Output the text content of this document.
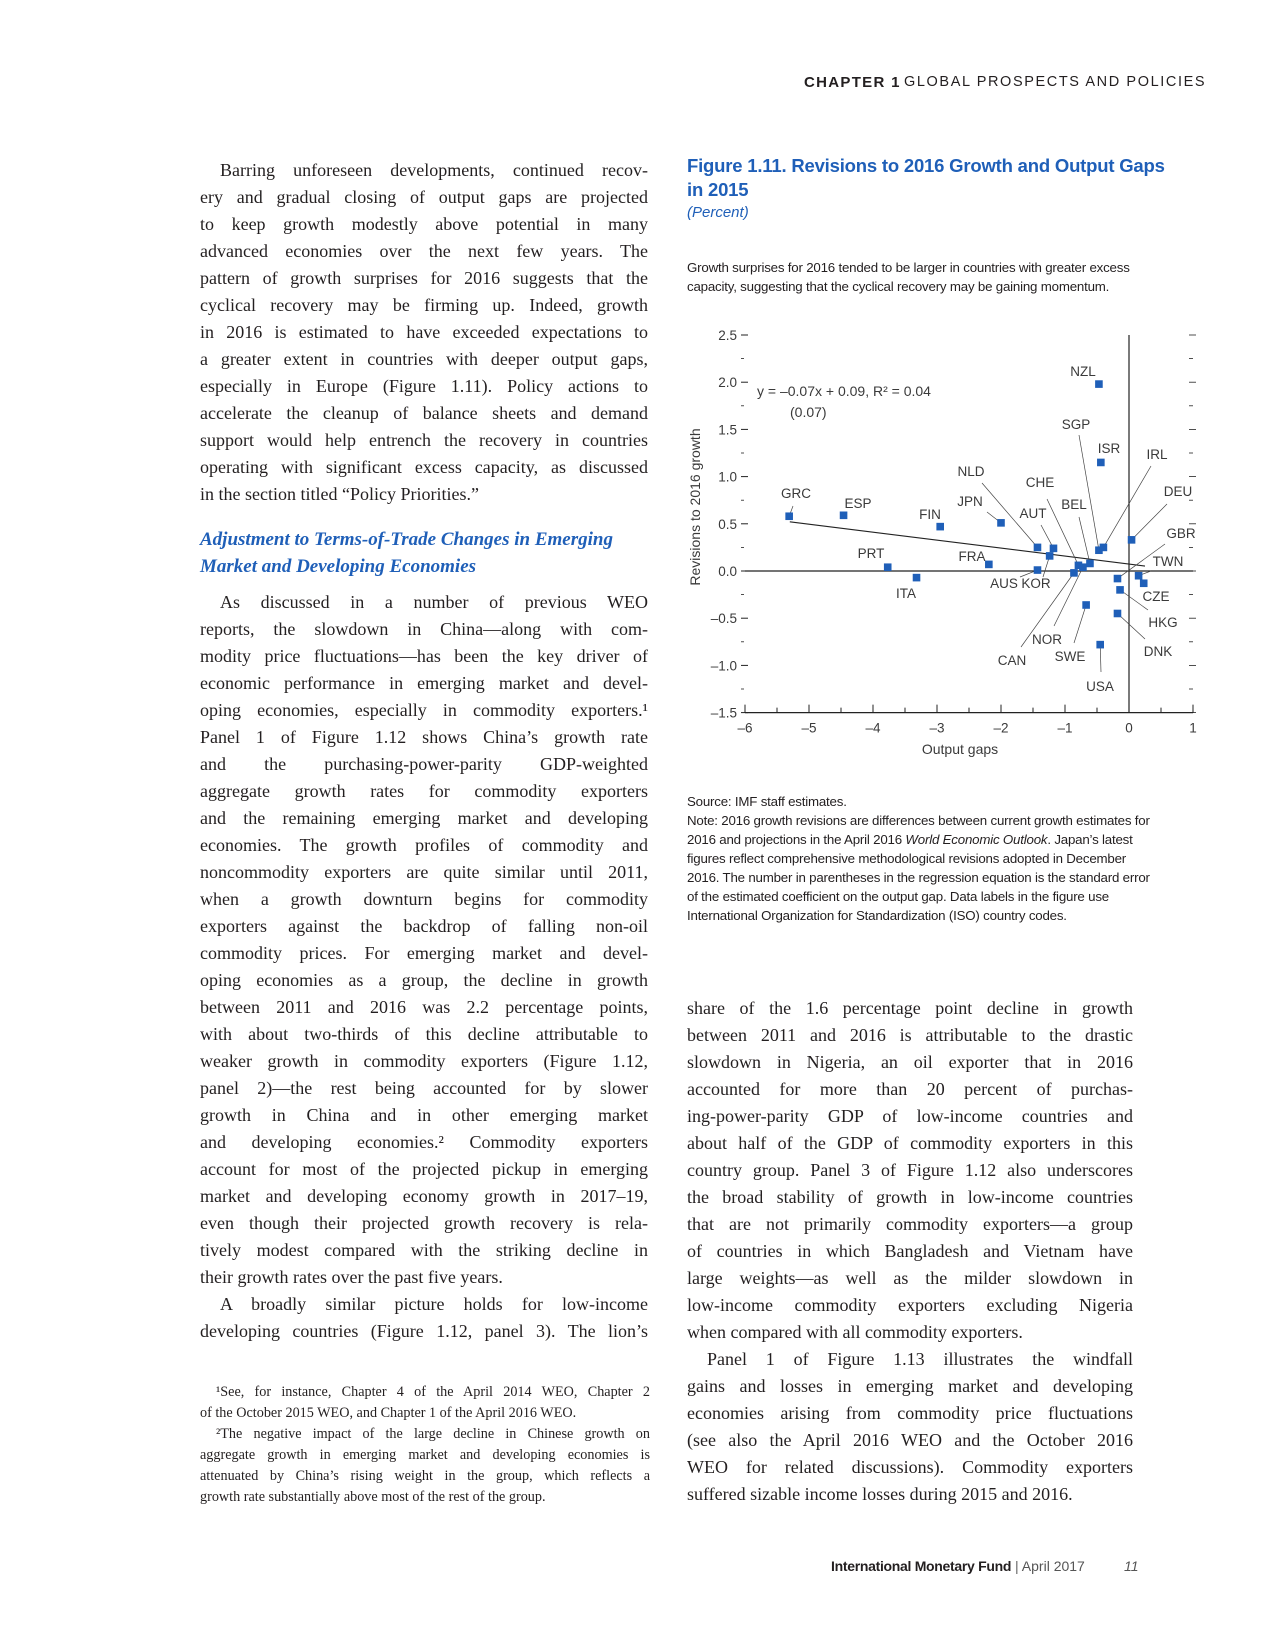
CHAPTER 1 GLOBAL PROSPECTS AND POLICIES
Barring unforeseen developments, continued recov-
ery and gradual closing of output gaps are projected
to keep growth modestly above potential in many
advanced economies over the next few years. The
pattern of growth surprises for 2016 suggests that the
cyclical recovery may be firming up. Indeed, growth
in 2016 is estimated to have exceeded expectations to
a greater extent in countries with deeper output gaps,
especially in Europe (Figure 1.11). Policy actions to
accelerate the cleanup of balance sheets and demand
support would help entrench the recovery in countries
operating with significant excess capacity, as discussed
in the section titled “Policy Priorities.”
Adjustment to Terms-of-Trade Changes in Emerging
Market and Developing Economies
As discussed in a number of previous WEO
reports, the slowdown in China—along with com-
modity price fluctuations—has been the key driver of
economic performance in emerging market and devel-
oping economies, especially in commodity exporters.¹
Panel 1 of Figure 1.12 shows China’s growth rate
and the purchasing-power-parity GDP-weighted
aggregate growth rates for commodity exporters
and the remaining emerging market and developing
economies. The growth profiles of commodity and
noncommodity exporters are quite similar until 2011,
when a growth downturn begins for commodity
exporters against the backdrop of falling non-oil
commodity prices. For emerging market and devel-
oping economies as a group, the decline in growth
between 2011 and 2016 was 2.2 percentage points,
with about two-thirds of this decline attributable to
weaker growth in commodity exporters (Figure 1.12,
panel 2)—the rest being accounted for by slower
growth in China and in other emerging market
and developing economies.² Commodity exporters
account for most of the projected pickup in emerging
market and developing economy growth in 2017–19,
even though their projected growth recovery is rela-
tively modest compared with the striking decline in
their growth rates over the past five years.
A broadly similar picture holds for low-income
developing countries (Figure 1.12, panel 3). The lion’s
¹See, for instance, Chapter 4 of the April 2014 WEO, Chapter 2
of the October 2015 WEO, and Chapter 1 of the April 2016 WEO.
²The negative impact of the large decline in Chinese growth on
aggregate growth in emerging market and developing economies is
attenuated by China’s rising weight in the group, which reflects a
growth rate substantially above most of the rest of the group.
Figure 1.11. Revisions to 2016 Growth and Output Gaps
in 2015
(Percent)
Growth surprises for 2016 tended to be larger in countries with greater excess
capacity, suggesting that the cyclical recovery may be gaining momentum.
–6	–5	–4	–3	–2	–1	0	1
2.5
2.0
1.5
1.0
0.5
0.0
–0.5
–1.0
–1.5
Output gaps
Revisions to 2016 growth
y = –0.07x + 0.09, R² = 0.04
(0.07)
GRC
ESP
PRT
ITA
FIN
JPN
FRA
NLD
AUT
KOR
AUS
CHE
BEL
CAN
NOR
SWE
NZL
ISR
SGP
IRL
USA
DEU
GBR
TWN
CZE
HKG
DNK
Source: IMF staff estimates.
Note: 2016 growth revisions are differences between current growth estimates for
2016 and projections in the April 2016 World Economic Outlook. Japan’s latest
figures reflect comprehensive methodological revisions adopted in December
2016. The number in parentheses in the regression equation is the standard error
of the estimated coefficient on the output gap. Data labels in the figure use
International Organization for Standardization (ISO) country codes.
share of the 1.6 percentage point decline in growth
between 2011 and 2016 is attributable to the drastic
slowdown in Nigeria, an oil exporter that in 2016
accounted for more than 20 percent of purchas-
ing-power-parity GDP of low-income countries and
about half of the GDP of commodity exporters in this
country group. Panel 3 of Figure 1.12 also underscores
the broad stability of growth in low-income countries
that are not primarily commodity exporters—a group
of countries in which Bangladesh and Vietnam have
large weights—as well as the milder slowdown in
low-income commodity exporters excluding Nigeria
when compared with all commodity exporters.
Panel 1 of Figure 1.13 illustrates the windfall
gains and losses in emerging market and developing
economies arising from commodity price fluctuations
(see also the April 2016 WEO and the October 2016
WEO for related discussions). Commodity exporters
suffered sizable income losses during 2015 and 2016.
International Monetary Fund | April 2017	11
